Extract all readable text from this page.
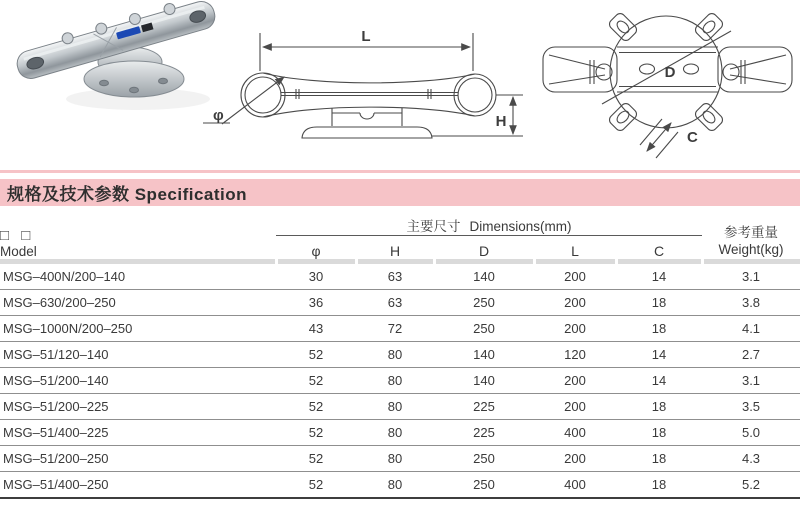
L
φ	H
D
C
规格及技术参数 Specification
□ □
Model
	主要尺寸 Dimensions(mm)	参考重量
Weight(kg)

	φ	H	D	L	C	

MSG–400N/200–140	30	63	140	200	14	3.1
MSG–630/200–250	36	63	250	200	18	3.8
MSG–1000N/200–250	43	72	250	200	18	4.1
MSG–51/120–140	52	80	140	120	14	2.7
MSG–51/200–140	52	80	140	200	14	3.1
MSG–51/200–225	52	80	225	200	18	3.5
MSG–51/400–225	52	80	225	400	18	5.0
MSG–51/200–250	52	80	250	200	18	4.3
MSG–51/400–250	52	80	250	400	18	5.2
